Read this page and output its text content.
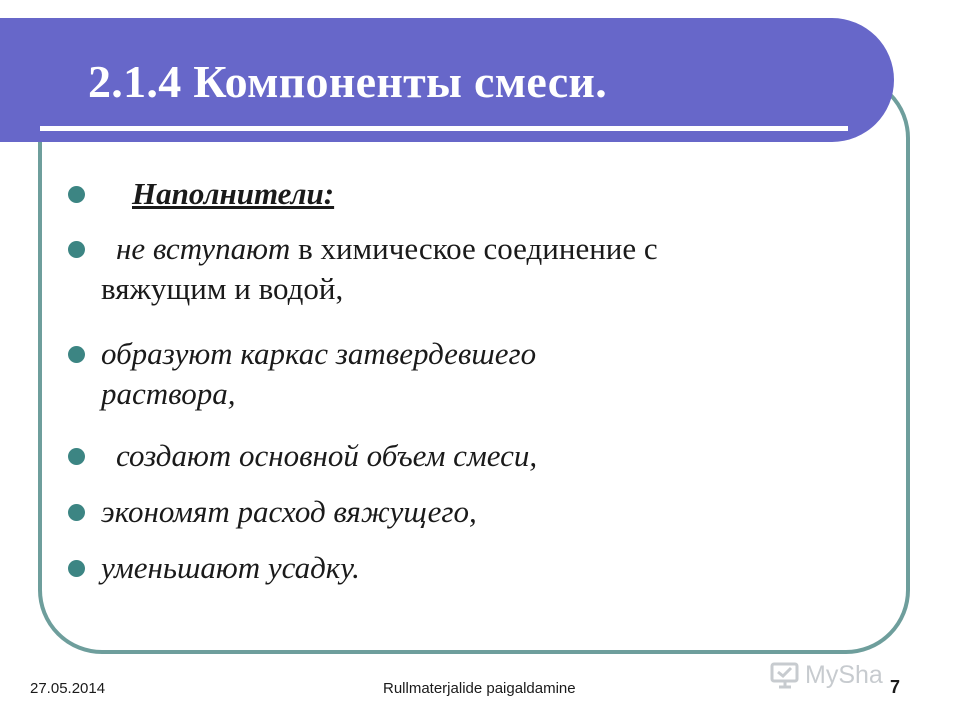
2.1.4 Компоненты смеси.
Наполнители:
не вступают в химическое соединение с
вяжущим и водой,
образуют каркас затвердевшего
раствора,
создают основной объем смеси,
экономят расход вяжущего,
уменьшают усадку.
27.05.2014	Rullmaterjalide paigaldamine	7
MySha
